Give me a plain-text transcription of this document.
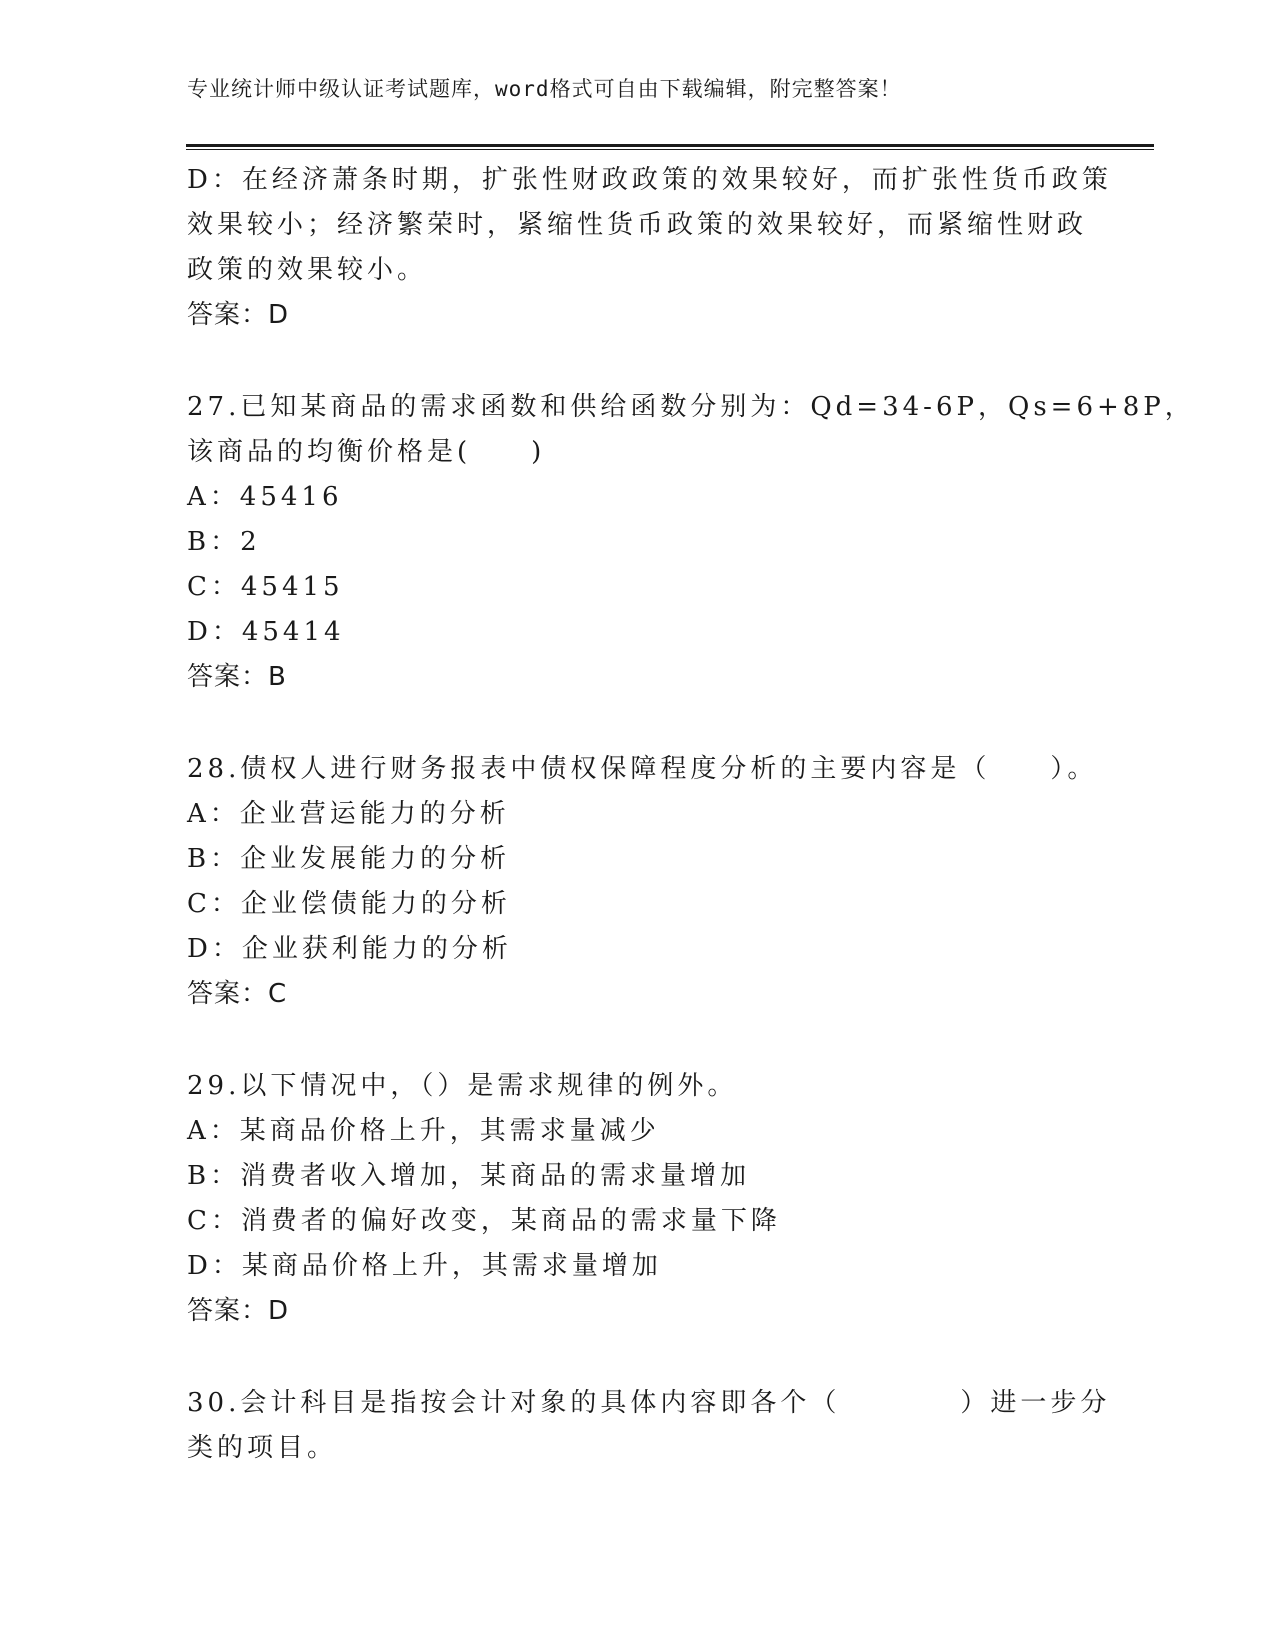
专业统计师中级认证考试题库，word格式可自由下载编辑，附完整答案！
D：在经济萧条时期，扩张性财政政策的效果较好，而扩张性货币政策
效果较小；经济繁荣时，紧缩性货币政策的效果较好，而紧缩性财政
政策的效果较小。
答案：D
27.已知某商品的需求函数和供给函数分别为：Qd=34-6P，Qs=6+8P，
该商品的均衡价格是(　　)
A：45416
B：2
C：45415
D：45414
答案：B
28.债权人进行财务报表中债权保障程度分析的主要内容是（　　）。
A：企业营运能力的分析
B：企业发展能力的分析
C：企业偿债能力的分析
D：企业获利能力的分析
答案：C
29.以下情况中，（）是需求规律的例外。
A：某商品价格上升，其需求量减少
B：消费者收入增加，某商品的需求量增加
C：消费者的偏好改变，某商品的需求量下降
D：某商品价格上升，其需求量增加
答案：D
30.会计科目是指按会计对象的具体内容即各个（　　　　）进一步分
类的项目。
